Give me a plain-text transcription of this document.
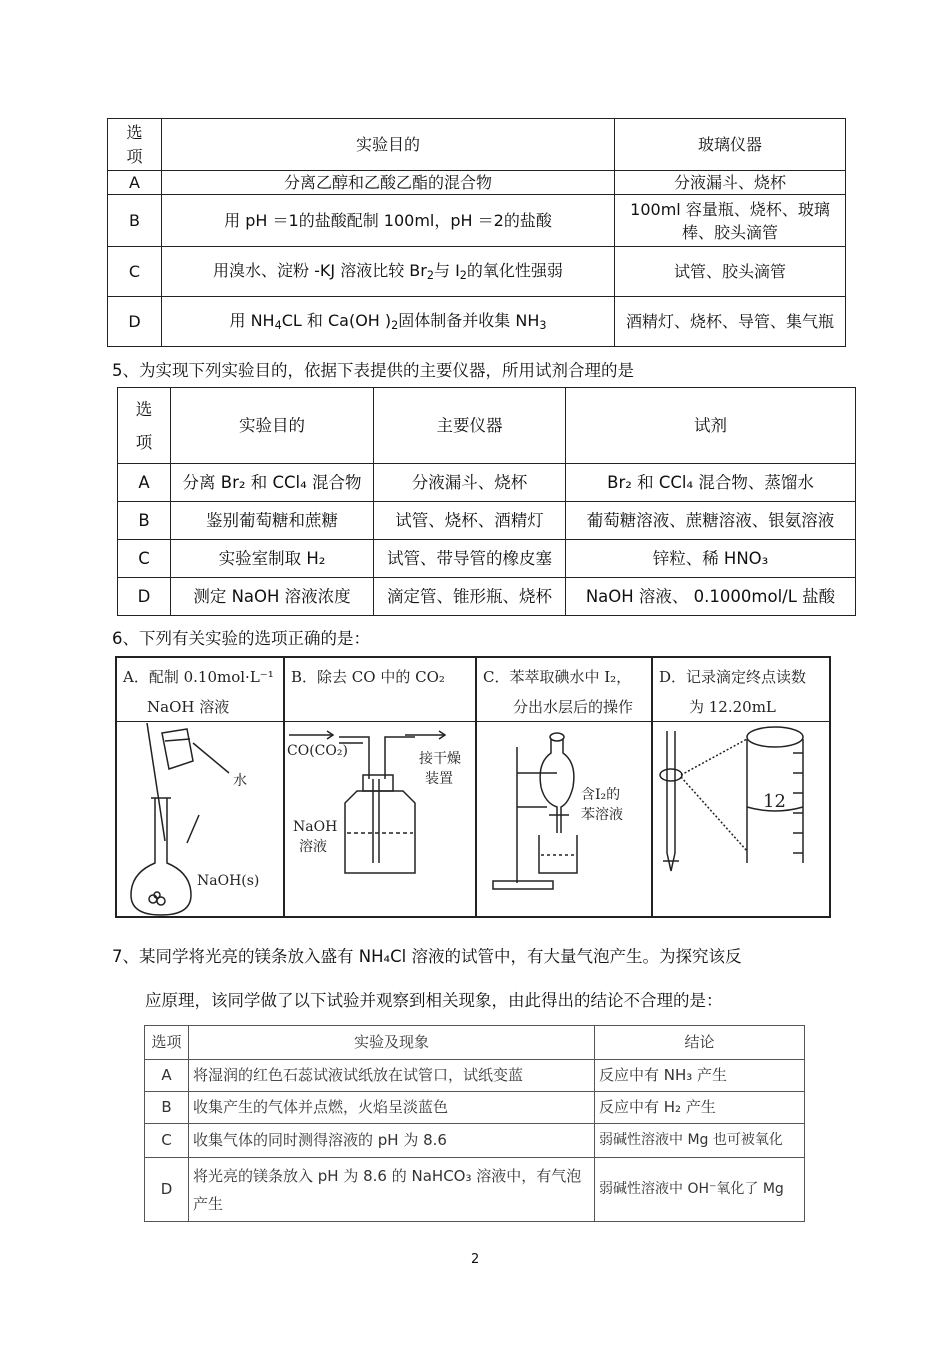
选
项	实验目的	玻璃仪器
A	分离乙醇和乙酸乙酯的混合物	分液漏斗、烧杯
B	用 pH ＝1的盐酸配制 100ml，pH ＝2的盐酸	100ml 容量瓶、烧杯、玻璃棒、胶头滴管
C	用溴水、淀粉 -KJ 溶液比较 $Br_2$与 $I_2$的氧化性强弱	试管、胶头滴管
D	用 $NH_4CL$ 和 Ca(OH )$_2$固体制备并收集 $NH_3$	酒精灯、烧杯、导管、集气瓶
5、为实现下列实验目的，依据下表提供的主要仪器，所用试剂合理的是
选
项	实验目的	主要仪器	试剂
A	分离 Br₂ 和 CCl₄ 混合物	分液漏斗、烧杯	Br₂ 和 CCl₄ 混合物、蒸馏水
B	鉴别葡萄糖和蔗糖	试管、烧杯、酒精灯	葡萄糖溶液、蔗糖溶液、银氨溶液
C	实验室制取 H₂	试管、带导管的橡皮塞	锌粒、稀 HNO₃
D	测定 NaOH 溶液浓度	滴定管、锥形瓶、烧杯	NaOH 溶液、 0.1000mol/L 盐酸
6、下列有关实验的选项正确的是：
A．配制 0.10mol·L⁻¹
NaOH 溶液
水
NaOH(s)
B．除去 CO 中的 CO₂
CO(CO₂)	接干燥
装置
NaOH
溶液
C．苯萃取碘水中 I₂，
分出水层后的操作
含I₂的
苯溶液
D．记录滴定终点读数
为 12.20mL
12
7、某同学将光亮的镁条放入盛有 NH₄Cl 溶液的试管中，有大量气泡产生。为探究该反
应原理，该同学做了以下试验并观察到相关现象，由此得出的结论不合理的是：
选项	实验及现象	结论
A	将湿润的红色石蕊试液试纸放在试管口，试纸变蓝	反应中有 NH₃ 产生
B	收集产生的气体并点燃，火焰呈淡蓝色	反应中有 H₂ 产生
C	收集气体的同时测得溶液的 pH 为 8.6	弱碱性溶液中 Mg 也可被氧化
D	将光亮的镁条放入 pH 为 8.6 的 NaHCO₃ 溶液中，有气泡产生	弱碱性溶液中 OH⁻氧化了 Mg
2
